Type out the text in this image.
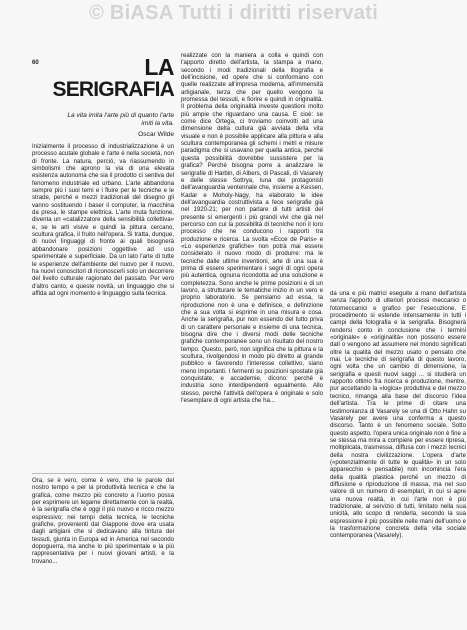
© BiASA Tutti i diritti riservati
60	LA
SERIGRAFIA
La vita imita l'arte più di quanto l'arte imiti la vita.
Oscar Wilde

Inizialmente il processo di industrializzazione è un processo acutale globale e l'arte è nella società, non di fronte. La natura, perciò, va riassumendo in simbolismi che aprono la via di una elevata esistenza autonoma che sia il prodotto ci sentiva del fenomeno industriale ed urbano. L'arte abbandona sempre più i suoi temi e i fluire per le tecniche e le strade, perché e mezzi tradizionali del disegno gli vanno sostituendo i baser il computer, la macchina da presa, le stampe elettrica. L'arte muta funzione, diventa un «catalizzatore della sensibilità collettiva» e, se le arti visive e quindi la pittura cercano, scultura grafica, il fruito nell'opera. Si tratta, dunque, di nuovi linguaggi di fronte ai quali bisognerà abbandonare posizioni oggettive ad uso sperimentale e superficiale. Da un lato l'arte di tutte le esperienze dell'ambiente del nuovo per il nuovo, ha nuovi conoscitori di riconoscerli solo un decorrere del livello culturale ragionato del passato. Per vero d'altro canto, e queste novità, un linguaggio che si affida ad ogni momento e linguaggio sulla tecnica.

Ora, se è vero, come è vero, che le parole del nostro tempo e per la produttività tecnica e che la grafica, come mezzo più concreto a l'uomo possa per esprimere un legame direttamente con la realtà, è la serigrafia che è oggi il più nuovo e ricco mezzo espressivo; nei tempi della tecnica, le tecniche grafiche, provenienti dal Giappone dove era usata dagli artigiani che si dedicavano alla tintura dei tessuti, giunta in Europa ed in America nel secondo dopoguerra, ma anche lo più sperimentale e la più rappresentativa per i nuovi giovani artisti, e la trovano...

realizzate con la maniera a colla e quindi con l'apporto diretto dell'artista, la stampa a mano, secondo i modi tradizionali della litografia e dell'incisione, ed opere che si conformano con quelle realizzate all'impresa moderna, all'immensità artigianale, terza che per quello vengono la promessa dei tessuti, e fiorire e quindi in originalità. Il problema della originalità investe questioni molto più ampie che riguardano una causa. E cioè: se come dice Ortega, ci troviamo coinvolti ad una dimensione della cultura già avviata della vita visuale e non è possibile applicare alla pittura e alla scultura contemporanea gli schemi i metri e misure paradigma che si usavano per quella antica, perché questa possibilità dovrebbe sussistere per la grafica? Perché bisogna porre a analizzare le serigrafie di Harbin, di Albers, di Pascali, di Vasarely e delle stesse Sottrya, luna dei protagonisti dell'avanguardia ventennale che, insieme a Kessen, Kadar e Moholy-Nagy, ha elaborato le idee dell'avanguardia costruttivista a fece serigrafie già nel 1920-21; per non parlare di tutti artisti del presente sì emergenti i più grandi vivi che già nel percorso con cui la possibilità di tecniche non il loro processo che ne conducono i rapporti tra produzione e ricerca. La svolta «Ecce de Paris» e «Lo esperienze grafiche» non potrà mai essere considerato il nuovo modo di produrre: ma le tecniche dalle ultime inventioni, arte di una sua è prima di essere sperimentare i segni di ogni opera più autentica, ognuna ricondotta ad una soluzione e completezza. Sono anche le prime posizioni e di un lavoro, a strutturare le tematiche inizio in un vero e proprio laboratorio. Se pensiamo ad essa, la riproduzione non è una e definisce, e definizione che a sua volta si esprime in una misura e cosa. Anche la serigrafia, pur non essendo del tutto priva di un carattere personale e insieme di una tecnica, bisogna dire che i diversi modi delle tecniche grafiche contemporanee sono un risultato del nostro tempo. Questo, però, non significa che la pittura e la scultura, rivolgendosi in modo più diretto al grande pubblico e favorendo l'interesse collettivo, siano meno importanti. I fermenti su posizioni spostate già conquistate, e accademie, dicono: perché è industria sono interdipendenti egualmente. Allo stesso, perché l'attività dell'opera è originale e solo l'esemplare di ogni artista che ha...

da una e più matrici eseguite a mano dell'artista senza l'apporto di ulteriori processi meccanici o fotomeccanici e grafico per l'esecuzione. E procedimento si estende intensamente in tutti i campi della fotografia e la serigrafia. Bisognerà rendersi conto in conclusione che i termini «originale» e «originalità» non possono essere dati o vengono ad assumere nel mondo significati oltre la qualità del mezzo usato o pensato che mai. Le tecniche di serigrafia di questo lavoro, ogni volta che un cambio di dimensione, la serigrafia e questi nuovi saggi ... si studierà un rapporto ottimo fra ricerca e produzione, mentre, pur accettando la «logica» produttiva e del mezzo tecnico, rimanga alla base del discorso l'idea dell'artista. Tra le prime di citare una testimonianza di Vasarely se una di Otto Hahn su Vasarely per avere una conferma a questo discorso. Tanto è un fenomeno sociale. Sotto questo aspetto, l'opera unica originale non è fine a se stessa ma mira a compiere per essere ripresa, moltiplicata, trasmessa, diffusa con i mezzi tecnici della nostra civilizzazione. L'opera d'arte («potenzialmente di tutte le qualità» in un solo apparecchio e pensabile) non incomincia l'era della qualità plastica perché un mezzo di diffusione e riproduzione di massa, ma nel suo valore di un numero di esemplari, in cui si apre una nuova realtà, in cui l'arte non è più tradizionale, al servizio di tutti, limitato nella sua unicità, allo scopo di renderla, secondo la sua espressione il più possibile nelle mani dell'uomo e la trasformazione concreta della vita sociale contemporanea (Vasarely).
